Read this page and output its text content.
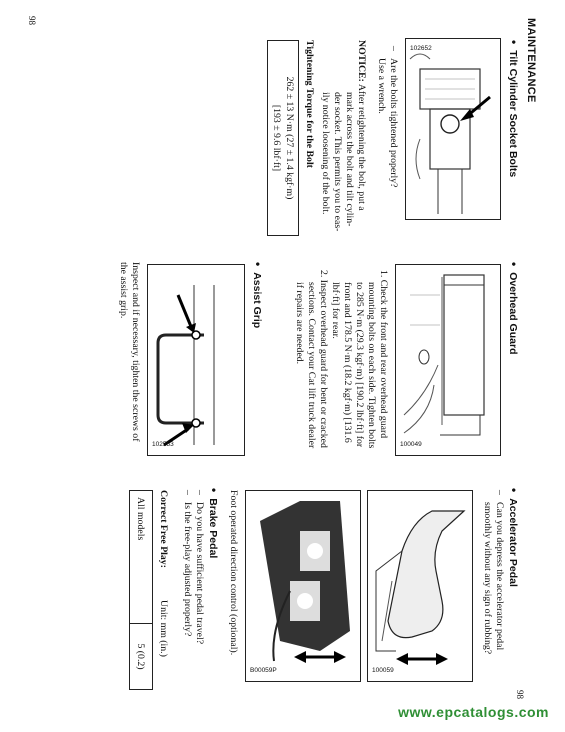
98
98
MAINTENANCE
•Tilt Cylinder Socket Bolts
102652
–Are the bolts tightened properly?
Use a wrench.
NOTICE: After retightening the bolt, put a
mark across the bolt and tilt cylin-
der socket. This permits you to eas-
ily notice loosening of the bolt.
Tightening Torque for the Bolt
262 ± 13 N·m (27 ± 1.4 kgf·m)
[193 ± 9.6 lbf·ft]
•Overhead Guard
100049
1. Check the front and rear overhead guard
mounting bolts on each side. Tighten bolts
to 285 N·m (29.3 kgf·m) [190.2 lbf·ft] for
front and 178.5 N·m (18.2 kgf·m) [131.6
lbf·ft] for rear.
2. Inspect overhead guard for bent or cracked
sections. Contact your Cat lift truck dealer
if repairs are needed.
•Assist Grip
102553
Inspect and if necessary, tighten the screws of
the assist grip.
•Accelerator Pedal
–Can you depress the accelerator pedal
smoothly without any sign of rubbing?
100059
B00059P
Foot operated direction control (optional).
•Brake Pedal
–Do you have sufficient pedal travel?
–Is the free-play adjusted properly?
Correct Free Play:
Unit: mm (in.)
All models	5 (0.2)
www.epcatalogs.com
